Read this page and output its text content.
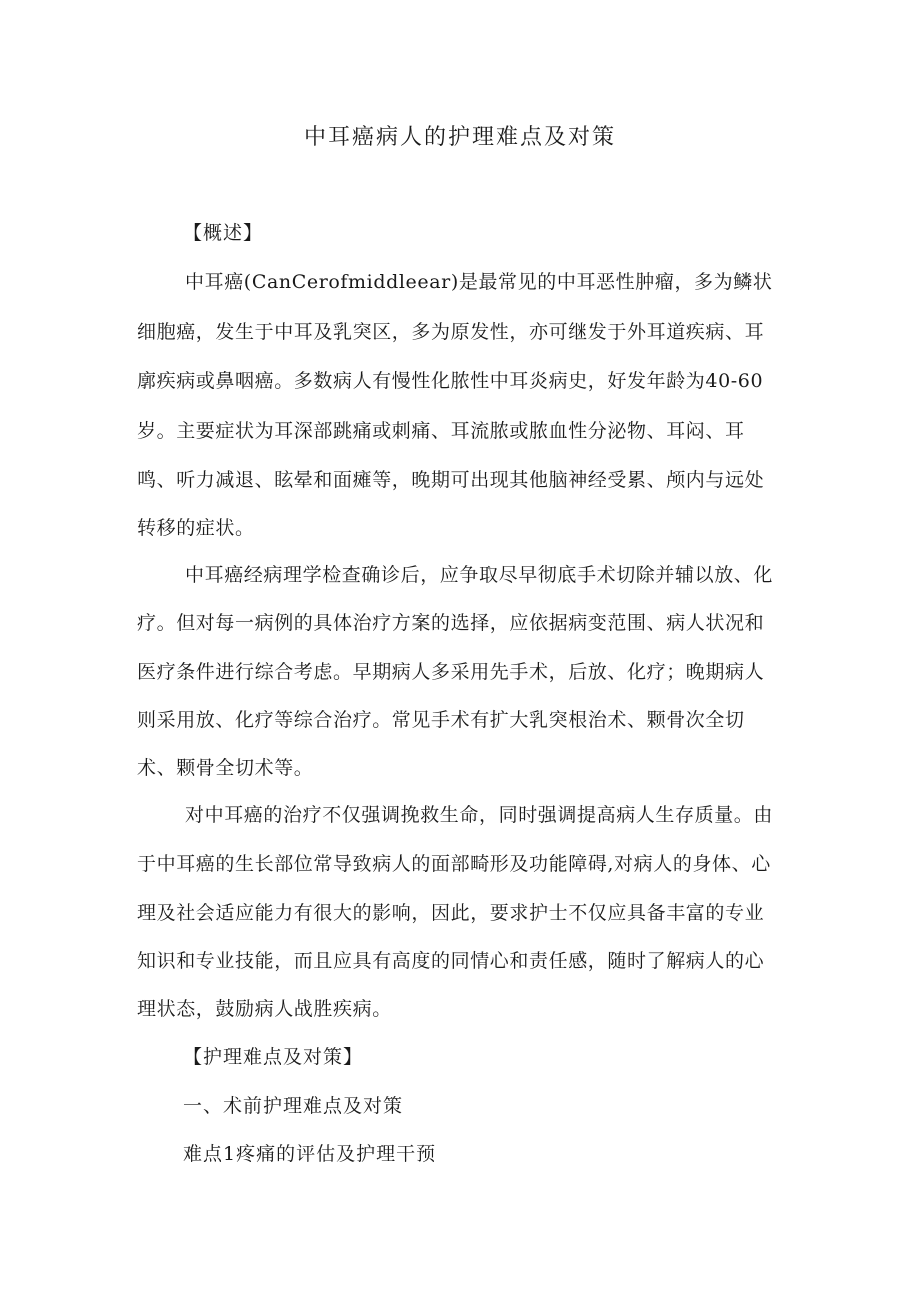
中耳癌病人的护理难点及对策
【概述】
中耳癌(CanCerofmiddleear)是最常见的中耳恶性肿瘤，多为鳞状
细胞癌，发生于中耳及乳突区，多为原发性，亦可继发于外耳道疾病、耳
廓疾病或鼻咽癌。多数病人有慢性化脓性中耳炎病史，好发年龄为40-60
岁。主要症状为耳深部跳痛或刺痛、耳流脓或脓血性分泌物、耳闷、耳
鸣、听力减退、眩晕和面瘫等，晚期可出现其他脑神经受累、颅内与远处
转移的症状。
中耳癌经病理学检查确诊后，应争取尽早彻底手术切除并辅以放、化
疗。但对每一病例的具体治疗方案的选择，应依据病变范围、病人状况和
医疗条件进行综合考虑。早期病人多采用先手术，后放、化疗；晚期病人
则采用放、化疗等综合治疗。常见手术有扩大乳突根治术、颗骨次全切
术、颗骨全切术等。
对中耳癌的治疗不仅强调挽救生命，同时强调提高病人生存质量。由
于中耳癌的生长部位常导致病人的面部畸形及功能障碍,对病人的身体、心
理及社会适应能力有很大的影响，因此，要求护士不仅应具备丰富的专业
知识和专业技能，而且应具有高度的同情心和责任感，随时了解病人的心
理状态，鼓励病人战胜疾病。
【护理难点及对策】
一、术前护理难点及对策
难点1疼痛的评估及护理干预
